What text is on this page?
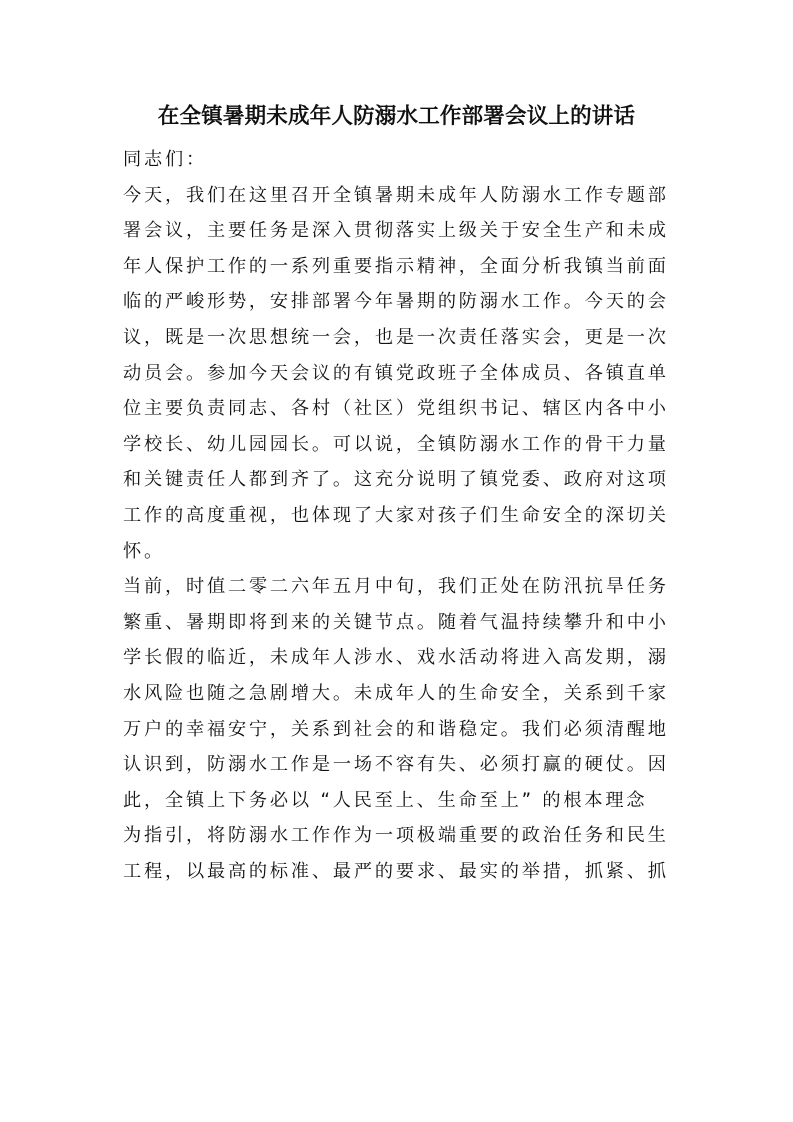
在全镇暑期未成年人防溺水工作部署会议上的讲话
同志们：
今天，我们在这里召开全镇暑期未成年人防溺水工作专题部
署会议，主要任务是深入贯彻落实上级关于安全生产和未成
年人保护工作的一系列重要指示精神，全面分析我镇当前面
临的严峻形势，安排部署今年暑期的防溺水工作。今天的会
议，既是一次思想统一会，也是一次责任落实会，更是一次
动员会。参加今天会议的有镇党政班子全体成员、各镇直单
位主要负责同志、各村（社区）党组织书记、辖区内各中小
学校长、幼儿园园长。可以说，全镇防溺水工作的骨干力量
和关键责任人都到齐了。这充分说明了镇党委、政府对这项
工作的高度重视，也体现了大家对孩子们生命安全的深切关
怀。
当前，时值二零二六年五月中旬，我们正处在防汛抗旱任务
繁重、暑期即将到来的关键节点。随着气温持续攀升和中小
学长假的临近，未成年人涉水、戏水活动将进入高发期，溺
水风险也随之急剧增大。未成年人的生命安全，关系到千家
万户的幸福安宁，关系到社会的和谐稳定。我们必须清醒地
认识到，防溺水工作是一场不容有失、必须打赢的硬仗。因
此，全镇上下务必以 “人民至上、生命至上” 的根本理念
为指引，将防溺水工作作为一项极端重要的政治任务和民生
工程，以最高的标准、最严的要求、最实的举措，抓紧、抓
